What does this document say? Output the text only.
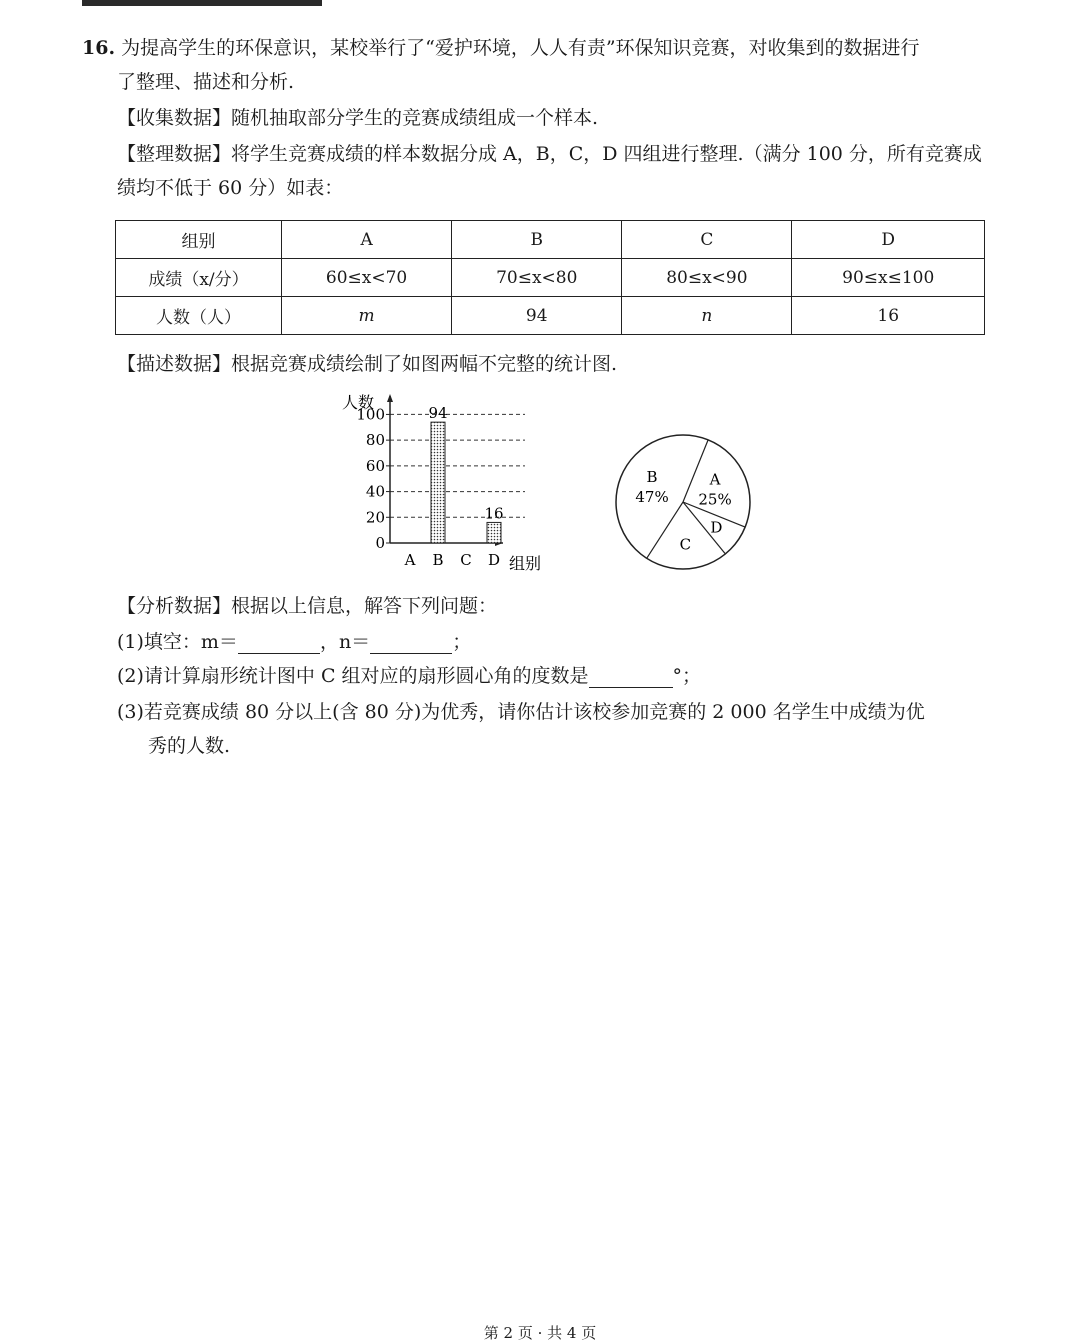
16. 为提高学生的环保意识，某校举行了“爱护环境，人人有责”环保知识竞赛，对收集到的数据进行
了整理、描述和分析.
【收集数据】随机抽取部分学生的竞赛成绩组成一个样本.
【整理数据】将学生竞赛成绩的样本数据分成 A，B，C，D 四组进行整理.（满分 100 分，所有竞赛成
绩均不低于 60 分）如表：
组别	A	B	C	D
成绩（x/分）	60≤x<70	70≤x<80	80≤x<90	90≤x≤100
人数（人）	m	94	n	16
【描述数据】根据竞赛成绩绘制了如图两幅不完整的统计图.
0
20
40
60
80
100
人数
组别
A B
94
C D
16
A
25%
D
C
B
47%
【分析数据】根据以上信息，解答下列问题：
(1)填空：m＝	，n＝	；
(2)请计算扇形统计图中 C 组对应的扇形圆心角的度数是	°；
(3)若竞赛成绩 80 分以上(含 80 分)为优秀，请你估计该校参加竞赛的 2 000 名学生中成绩为优
秀的人数.
第 2 页 · 共 4 页
